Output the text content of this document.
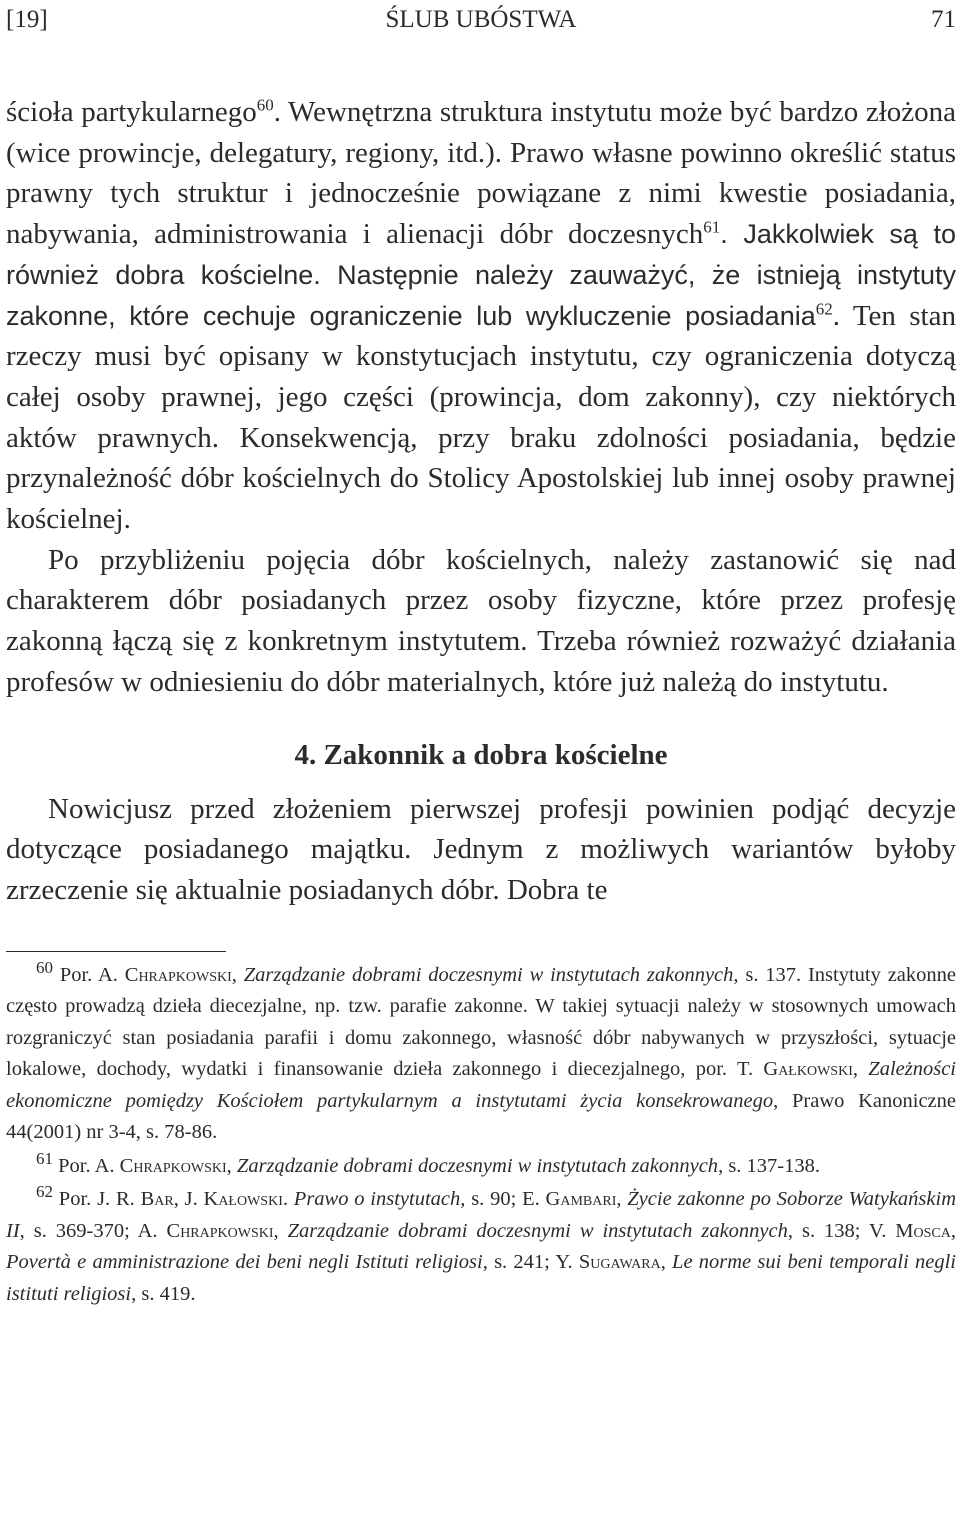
[19]	ŚLUB UBÓSTWA	71

ścioła partykularnego$^{60}$. Wewnętrzna struktura instytutu może być bardzo złożona (wice prowincje, delegatury, regiony, itd.). Prawo własne powinno określić status prawny tych struktur i jednocześnie powiązane z nimi kwestie posiadania, nabywania, administrowania i alienacji dóbr doczesnych$^{61}$. Jakkolwiek są to również dobra kościelne. Następnie należy zauważyć, że istnieją instytuty zakonne, które cechuje ograniczenie lub wykluczenie posiadania$^{62}$. Ten stan rzeczy musi być opisany w konstytucjach instytutu, czy ograniczenia dotyczą całej osoby prawnej, jego części (prowincja, dom zakonny), czy niektórych aktów prawnych. Konsekwencją, przy braku zdolności posiadania, będzie przynależność dóbr kościelnych do Stolicy Apostolskiej lub innej osoby prawnej kościelnej.

Po przybliżeniu pojęcia dóbr kościelnych, należy zastanowić się nad charakterem dóbr posiadanych przez osoby fizyczne, które przez profesję zakonną łączą się z konkretnym instytutem. Trzeba również rozważyć działania profesów w odniesieniu do dóbr materialnych, które już należą do instytutu.

4. Zakonnik a dobra kościelne

Nowicjusz przed złożeniem pierwszej profesji powinien podjąć decyzje dotyczące posiadanego majątku. Jednym z możliwych wariantów byłoby zrzeczenie się aktualnie posiadanych dóbr. Dobra te

$^{60}$ Por. A. Chrapkowski, Zarządzanie dobrami doczesnymi w instytutach zakonnych, s. 137. Instytuty zakonne często prowadzą dzieła diecezjalne, np. tzw. parafie zakonne. W takiej sytuacji należy w stosownych umowach rozgraniczyć stan posiadania parafii i domu zakonnego, własność dóbr nabywanych w przyszłości, sytuacje lokalowe, dochody, wydatki i finansowanie dzieła zakonnego i diecezjalnego, por. T. Gałkowski, Zależności ekonomiczne pomiędzy Kościołem partykularnym a instytutami życia konsekrowanego, Prawo Kanoniczne 44(2001) nr 3-4, s. 78-86.

$^{61}$ Por. A. Chrapkowski, Zarządzanie dobrami doczesnymi w instytutach zakonnych, s. 137-138.

$^{62}$ Por. J. R. Bar, J. Kałowski. Prawo o instytutach, s. 90; E. Gambari, Życie zakonne po Soborze Watykańskim II, s. 369-370; A. Chrapkowski, Zarządzanie dobrami doczesnymi w instytutach zakonnych, s. 138; V. Mosca, Povertà e amministrazione dei beni negli Istituti religiosi, s. 241; Y. Sugawara, Le norme sui beni temporali negli istituti religiosi, s. 419.
